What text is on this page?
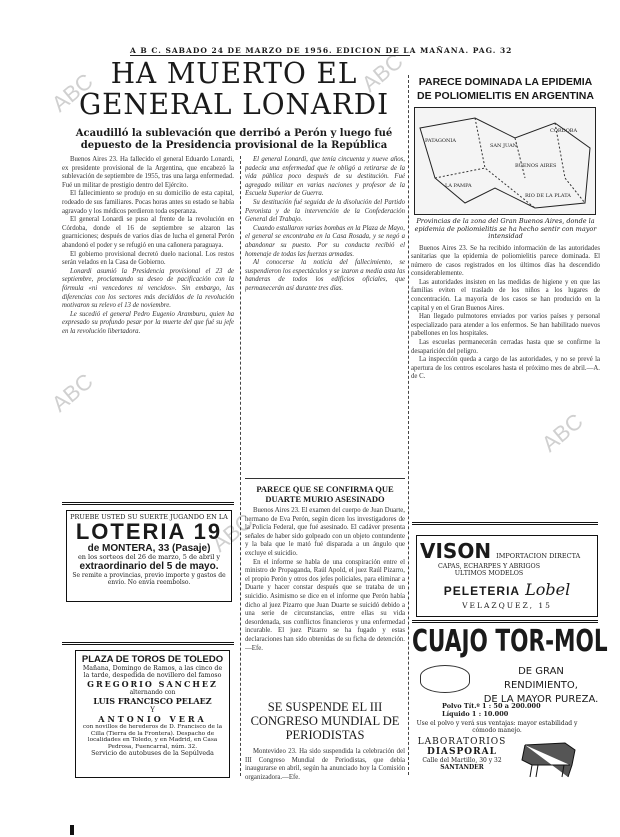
ABC	ABC
ABC
ABC
ABC
A B C. SABADO 24 DE MARZO DE 1956. EDICION DE LA MAÑANA. PAG. 32
HA MUERTO EL GENERAL LONARDI
Acaudilló la sublevación que derribó a Perón y luego fué depuesto de la Presidencia provisional de la República

Buenos Aires 23. Ha fallecido el general Eduardo Lonardi, ex presidente provisional de la Argentina, que encabezó la sublevación de septiembre de 1955, tras una larga enfermedad. Fué un militar de prestigio dentro del Ejército.

El fallecimiento se produjo en su domicilio de esta capital, rodeado de sus familiares. Pocas horas antes su estado se había agravado y los médicos perdieron toda esperanza.

El general Lonardi se puso al frente de la revolución en Córdoba, donde el 16 de septiembre se alzaron las guarniciones; después de varios días de lucha el general Perón abandonó el poder y se refugió en una cañonera paraguaya.

El gobierno provisional decretó duelo nacional. Los restos serán velados en la Casa de Gobierno.

Lonardi asumió la Presidencia provisional el 23 de septiembre, proclamando su deseo de pacificación con la fórmula «ni vencedores ni vencidos». Sin embargo, las diferencias con los sectores más decididos de la revolución motivaron su relevo el 13 de noviembre.

Le sucedió el general Pedro Eugenio Aramburu, quien ha expresado su profundo pesar por la muerte del que fué su jefe en la revolución libertadora.

El general Lonardi, que tenía cincuenta y nueve años, padecía una enfermedad que le obligó a retirarse de la vida pública poco después de su destitución. Fué agregado militar en varias naciones y profesor de la Escuela Superior de Guerra.

Su destitución fué seguida de la disolución del Partido Peronista y de la intervención de la Confederación General del Trabajo.

Cuando estallaron varias bombas en la Plaza de Mayo, el general se encontraba en la Casa Rosada, y se negó a abandonar su puesto. Por su conducta recibió el homenaje de todas las fuerzas armadas.

Al conocerse la noticia del fallecimiento, se suspendieron los espectáculos y se izaron a media asta las banderas de todos los edificios oficiales, que permanecerán así durante tres días.

PARECE QUE SE CONFIRMA QUE DUARTE MURIO ASESINADO

Buenos Aires 23. El examen del cuerpo de Juan Duarte, hermano de Eva Perón, según dicen los investigadores de la Policía Federal, que fué asesinado. El cadáver presenta señales de haber sido golpeado con un objeto contundente y la bala que le mató fué disparada a un ángulo que excluye el suicidio.

En el informe se habla de una conspiración entre el ministro de Propaganda, Raúl Apold, el juez Raúl Pizarro, el propio Perón y otros dos jefes policiales, para eliminar a Duarte y hacer constar después que se trataba de un suicidio. Asimismo se dice en el informe que Perón había dicho al juez Pizarro que Juan Duarte se suicidó debido a una serie de circunstancias, entre ellas su vida desordenada, sus conflictos financieros y una enfermedad incurable. El juez Pizarro se ha fugado y estas declaraciones han sido obtenidas de su ficha de detención.—Efe.

SE SUSPENDE EL III CONGRESO MUNDIAL DE PERIODISTAS

Montevideo 23. Ha sido suspendida la celebración del III Congreso Mundial de Periodistas, que debía inaugurarse en abril, según ha anunciado hoy la Comisión organizadora.—Efe.

PRUEBE USTED SU SUERTE JUGANDO EN LA
LOTERIA 19
de MONTERA, 33 (Pasaje)
en los sorteos del 26 de marzo, 5 de abril y
extraordinario del 5 de mayo.
Se remite a provincias, previo importe y gastos de envío. No envía reembolso.
PLAZA DE TOROS DE TOLEDO
Mañana, Domingo de Ramos, a las cinco de la tarde, despedida de novillero del famoso
GREGORIO SANCHEZ
alternando con
LUIS FRANCISCO PELAEZ
Y
ANTONIO VERA
con novillos de herederos de D. Francisco de la Cilla (Tierra de la Frontera). Despacho de localidades en Toledo, y en Madrid, en Casa Pedrosa, Fuencarral, núm. 32.
Servicio de autobuses de la Sepúlveda
PARECE DOMINADA LA EPIDEMIA DE POLIOMIELITIS EN ARGENTINA
PATAGONIA
SAN JUAN
RIO DE LA PLATA
BUENOS AIRES
CORDOBA
LA PAMPA
Provincias de la zona del Gran Buenos Aires, donde la epidemia de poliomielitis se ha hecho sentir con mayor intensidad

Buenos Aires 23. Se ha recibido información de las autoridades sanitarias que la epidemia de poliomielitis parece dominada. El número de casos registrados en los últimos días ha descendido considerablemente.

Las autoridades insisten en las medidas de higiene y en que las familias eviten el traslado de los niños a los lugares de concentración. La mayoría de los casos se han producido en la capital y en el Gran Buenos Aires.

Han llegado pulmotores enviados por varios países y personal especializado para atender a los enfermos. Se han habilitado nuevos pabellones en los hospitales.

Las escuelas permanecerán cerradas hasta que se confirme la desaparición del peligro.

La inspección queda a cargo de las autoridades, y no se prevé la apertura de los centros escolares hasta el próximo mes de abril.—A. de C.

VISON IMPORTACION DIRECTA
CAPAS, ECHARPES Y ABRIGOS ULTIMOS MODELOS
PELETERIA Lobel
VELAZQUEZ, 15
CUAJO TOR-MOL
DE GRAN RENDIMIENTO,
DE LA MAYOR PUREZA.
Polvo Tít.º 1 : 50 a 200.000
Líquido 1 : 10.000
Use el polvo y verá sus ventajas: mayor estabilidad y cómodo manejo.
LABORATORIOS
DIASPORAL
Calle del Martillo, 30 y 32
SANTANDER
